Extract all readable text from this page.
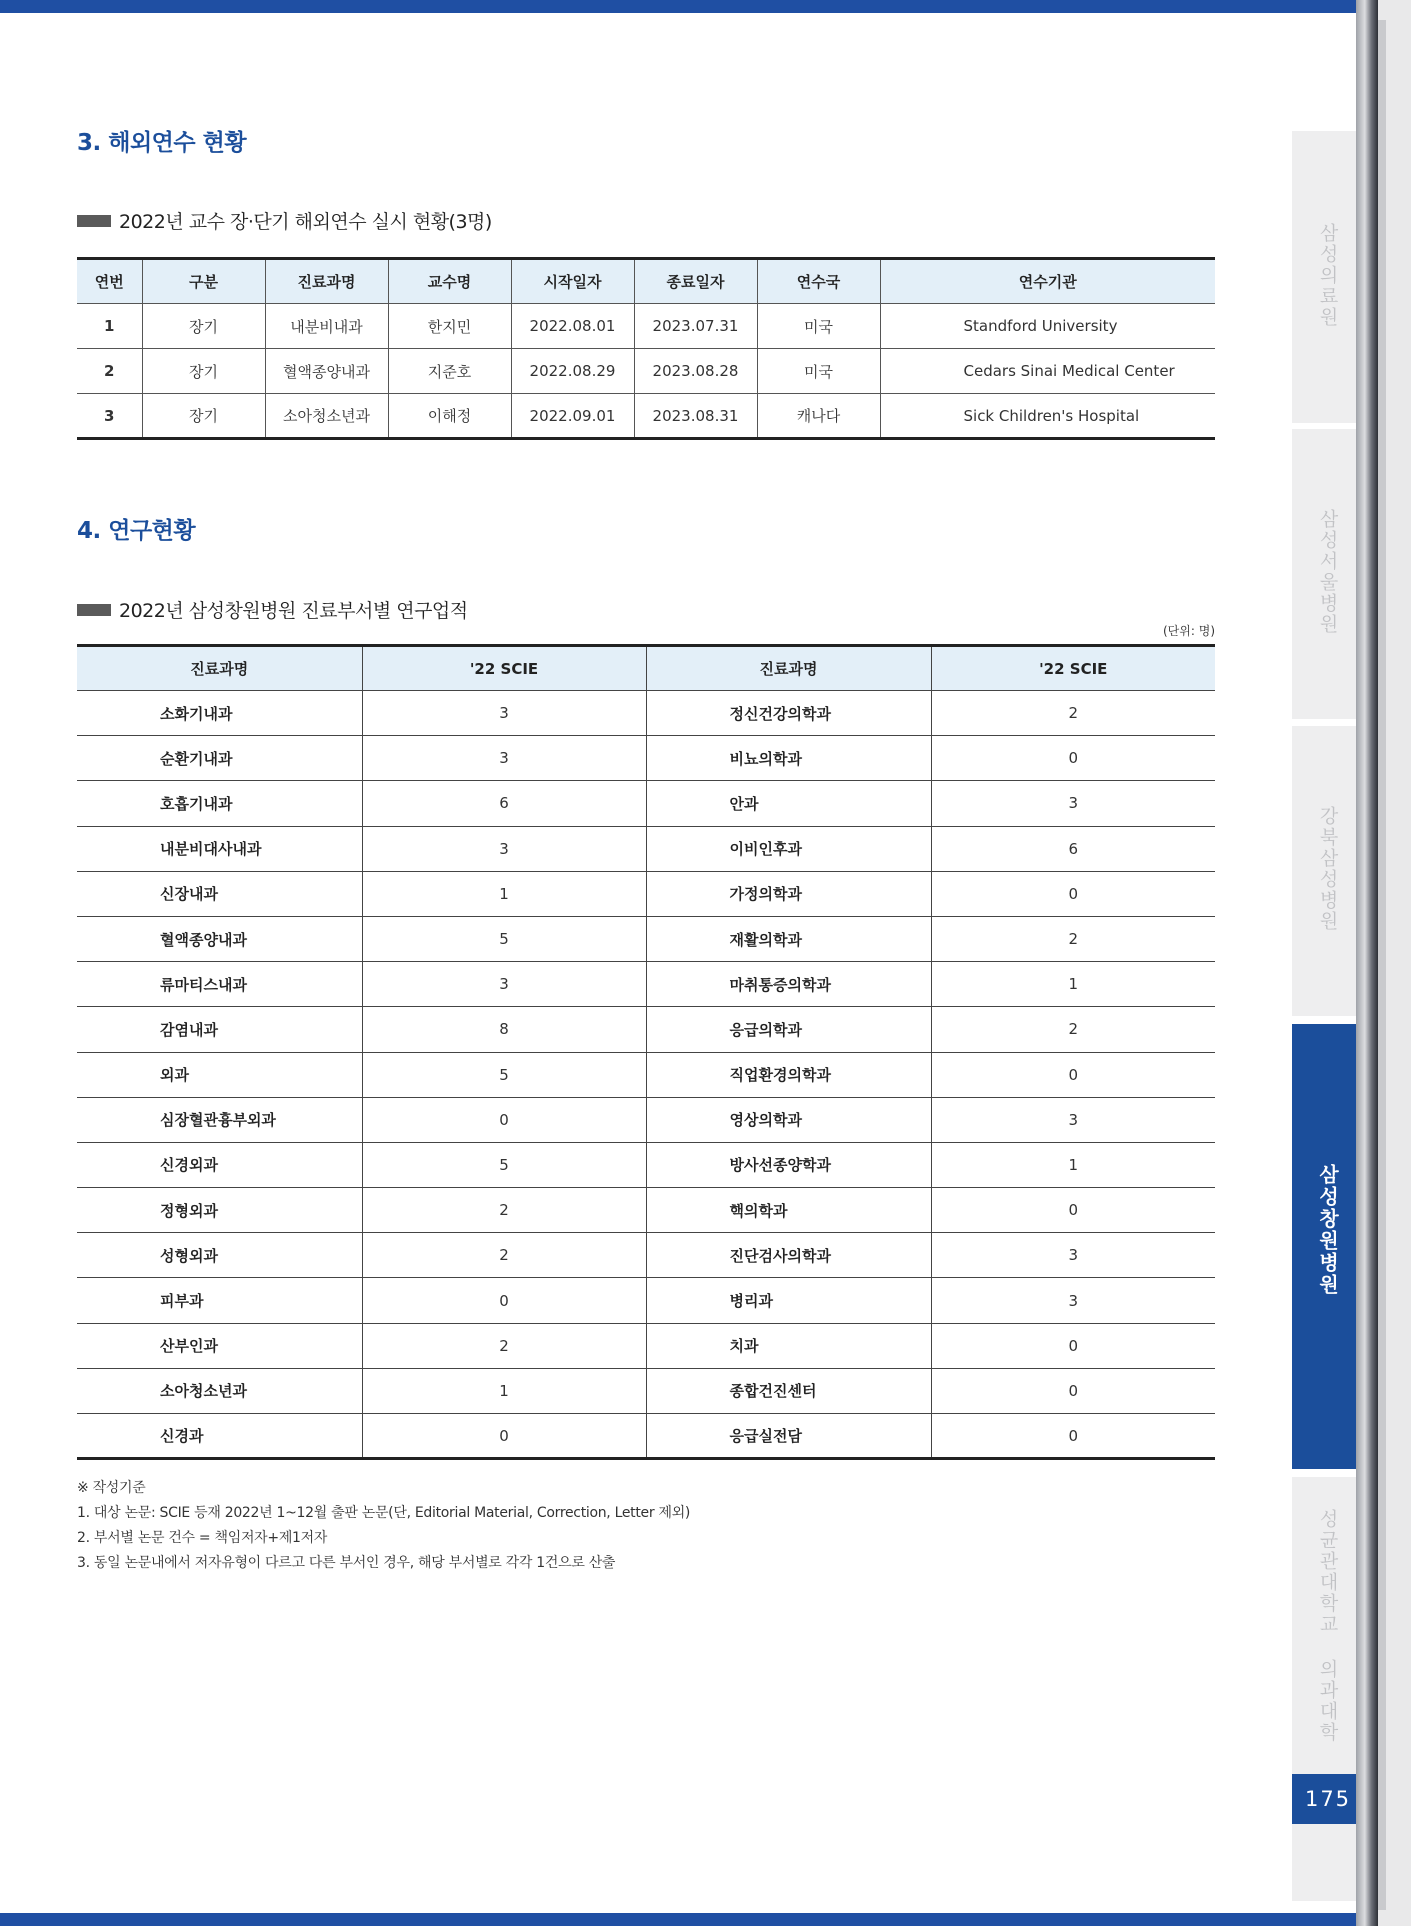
3. 해외연수 현황
2022년 교수 장·단기 해외연수 실시 현황(3명)
연번	구분	진료과명	교수명	시작일자	종료일자	연수국	연수기관
1	장기	내분비내과	한지민	2022.08.01	2023.07.31	미국	Standford University
2	장기	혈액종양내과	지준호	2022.08.29	2023.08.28	미국	Cedars Sinai Medical Center
3	장기	소아청소년과	이해정	2022.09.01	2023.08.31	캐나다	Sick Children's Hospital
4. 연구현황
2022년 삼성창원병원 진료부서별 연구업적
(단위: 명)
진료과명	'22 SCIE	진료과명	'22 SCIE
소화기내과	3	정신건강의학과	2
순환기내과	3	비뇨의학과	0
호흡기내과	6	안과	3
내분비대사내과	3	이비인후과	6
신장내과	1	가정의학과	0
혈액종양내과	5	재활의학과	2
류마티스내과	3	마취통증의학과	1
감염내과	8	응급의학과	2
외과	5	직업환경의학과	0
심장혈관흉부외과	0	영상의학과	3
신경외과	5	방사선종양학과	1
정형외과	2	핵의학과	0
성형외과	2	진단검사의학과	3
피부과	0	병리과	3
산부인과	2	치과	0
소아청소년과	1	종합건진센터	0
신경과	0	응급실전담	0
※ 작성기준
1. 대상 논문: SCIE 등재 2022년 1~12월 출판 논문(단, Editorial Material, Correction, Letter 제외)
2. 부서별 논문 건수 = 책임저자+제1저자
3. 동일 논문내에서 저자유형이 다르고 다른 부서인 경우, 해당 부서별로 각각 1건으로 산출
삼성의료원
삼성서울병원
강북삼성병원
삼성창원병원
성균관대학교 의과대학
175
